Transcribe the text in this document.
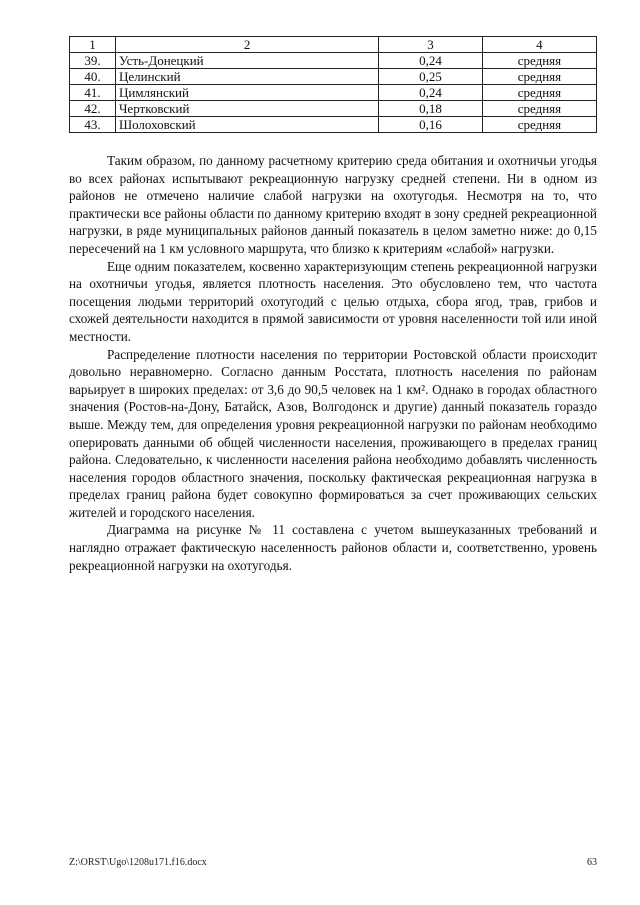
1	2	3	4
39.	Усть-Донецкий	0,24	средняя
40.	Целинский	0,25	средняя
41.	Цимлянский	0,24	средняя
42.	Чертковский	0,18	средняя
43.	Шолоховский	0,16	средняя

Таким образом, по данному расчетному критерию среда обитания и охотничьи угодья во всех районах испытывают рекреационную нагрузку средней степени. Ни в одном из районов не отмечено наличие слабой нагрузки на охотугодья. Несмотря на то, что практически все районы области по данному критерию входят в зону средней рекреационной нагрузки, в ряде муниципальных районов данный показатель в целом заметно ниже: до 0,15 пересечений на 1 км условного маршрута, что близко к критериям «слабой» нагрузки.

Еще одним показателем, косвенно характеризующим степень рекреационной нагрузки на охотничьи угодья, является плотность населения. Это обусловлено тем, что частота посещения людьми территорий охотугодий с целью отдыха, сбора ягод, трав, грибов и схожей деятельности находится в прямой зависимости от уровня населенности той или иной местности.

Распределение плотности населения по территории Ростовской области происходит довольно неравномерно. Согласно данным Росстата, плотность населения по районам варьирует в широких пределах: от 3,6 до 90,5 человек на 1 км². Однако в городах областного значения (Ростов-на-Дону, Батайск, Азов, Волгодонск и другие) данный показатель гораздо выше. Между тем, для определения уровня рекреационной нагрузки по районам необходимо оперировать данными об общей численности населения, проживающего в пределах границ района. Следовательно, к численности населения района необходимо добавлять численность населения городов областного значения, поскольку фактическая рекреационная нагрузка в пределах границ района будет совокупно формироваться за счет проживающих сельских жителей и городского населения.

Диаграмма на рисунке № 11 составлена с учетом вышеуказанных требований и наглядно отражает фактическую населенность районов области и, соответственно, уровень рекреационной нагрузки на охотугодья.

Z:\ORST\Ugo\1208u171.f16.docx	63
